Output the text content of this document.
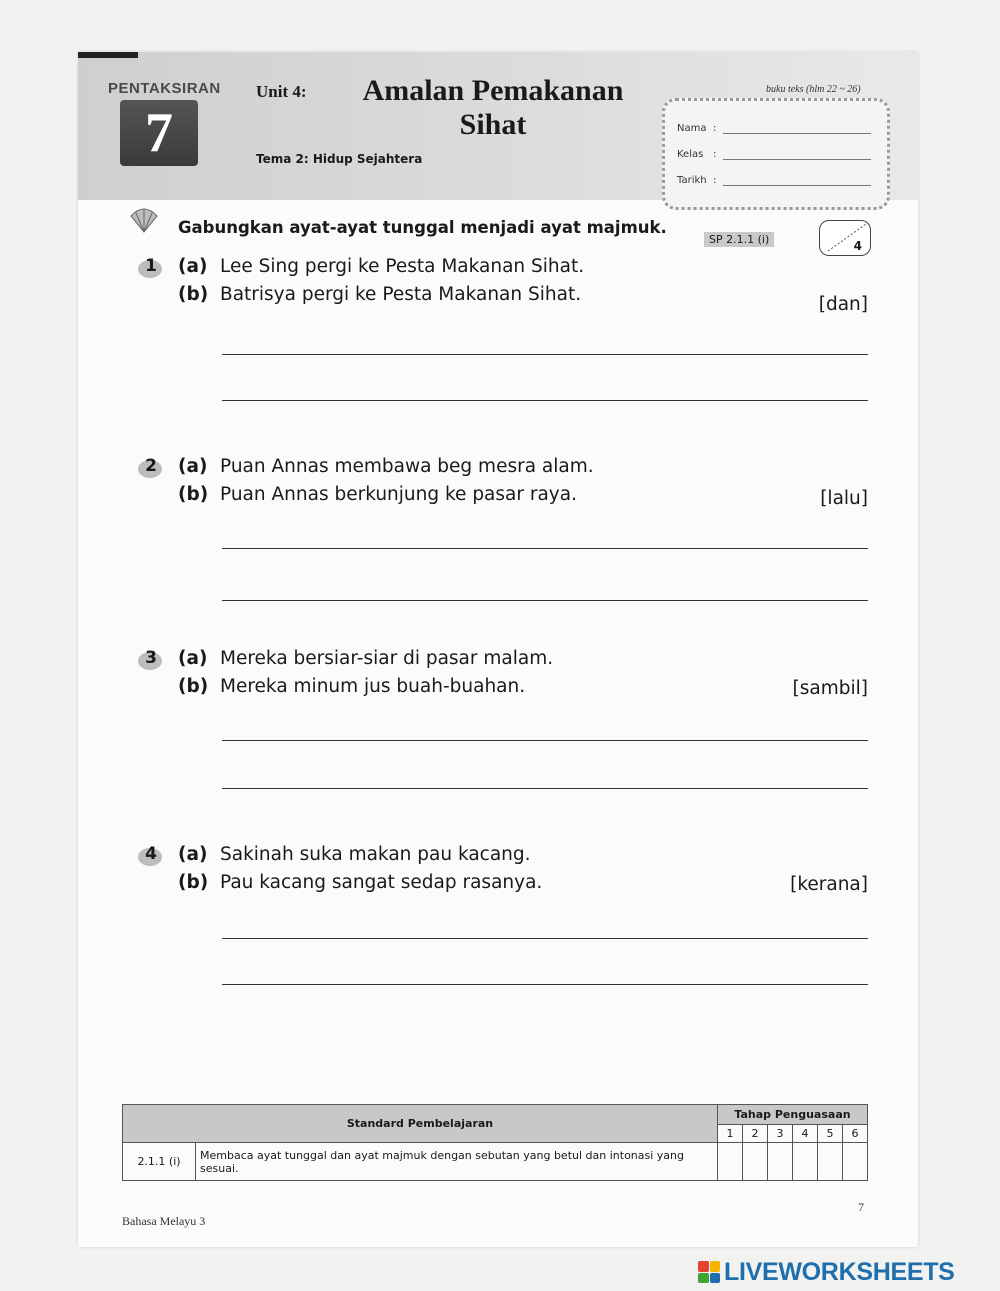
PENTAKSIRAN
7
Unit 4:	Amalan Pemakanan
Sihat
Tema 2: Hidup Sejahtera
buku teks (hlm 22 ~ 26)
Nama :
Kelas :
Tarikh :
Gabungkan ayat-ayat tunggal menjadi ayat majmuk.
SP 2.1.1 (i)	4
1	(a) Lee Sing pergi ke Pesta Makanan Sihat.
(b) Batrisya pergi ke Pesta Makanan Sihat.	[dan]
2	(a) Puan Annas membawa beg mesra alam.
(b) Puan Annas berkunjung ke pasar raya.	[lalu]
3	(a) Mereka bersiar-siar di pasar malam.
(b) Mereka minum jus buah-buahan.	[sambil]
4	(a) Sakinah suka makan pau kacang.
(b) Pau kacang sangat sedap rasanya.	[kerana]
Standard Pembelajaran		Tahap Penguasaan					
		1	2	3	4	5	6
2.1.1 (i)	Membaca ayat tunggal dan ayat majmuk dengan sebutan yang betul dan intonasi yang sesuai.						
7
Bahasa Melayu 3
LIVEWORKSHEETS
